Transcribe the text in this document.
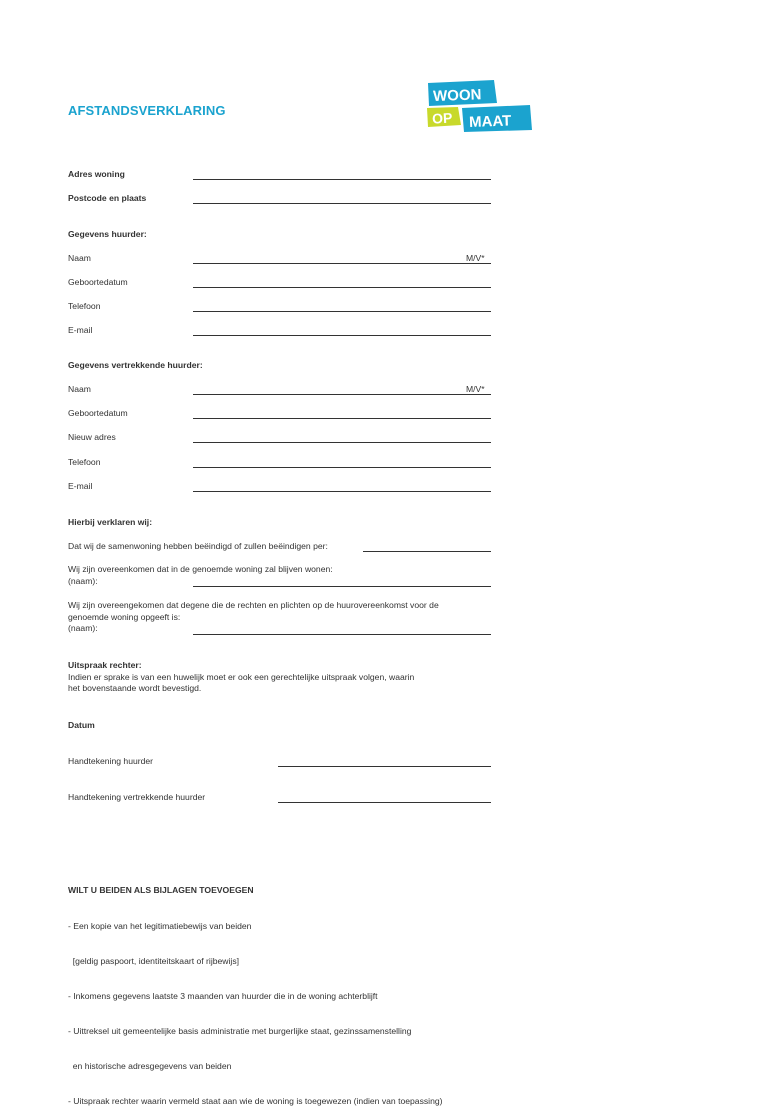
AFSTANDSVERKLARING
WOON
OP MAAT
Adres woning
Postcode en plaats
Gegevens huurder:
Naam	M/V*
Geboortedatum
Telefoon
E-mail
Gegevens vertrekkende huurder:
Naam	M/V*
Geboortedatum
Nieuw adres
Telefoon
E-mail
Hierbij verklaren wij:
Dat wij de samenwoning hebben beëindigd of zullen beëindigen per:
Wij zijn overeenkomen dat in de genoemde woning zal blijven wonen:
(naam):
Wij zijn overeengekomen dat degene die de rechten en plichten op de huurovereenkomst voor de
genoemde woning opgeeft is:
(naam):
Uitspraak rechter:
Indien er sprake is van een huwelijk moet er ook een gerechtelijke uitspraak volgen, waarin
het bovenstaande wordt bevestigd.
Datum
Handtekening huurder
Handtekening vertrekkende huurder

WILT U BEIDEN ALS BIJLAGEN TOEVOEGEN

- Een kopie van het legitimatiebewijs van beiden

[geldig paspoort, identiteitskaart of rijbewijs]

- Inkomens gegevens laatste 3 maanden van huurder die in de woning achterblijft

- Uittreksel uit gemeentelijke basis administratie met burgerlijke staat, gezinssamenstelling

en historische adresgegevens van beiden

- Uitspraak rechter waarin vermeld staat aan wie de woning is toegewezen (indien van toepassing)
